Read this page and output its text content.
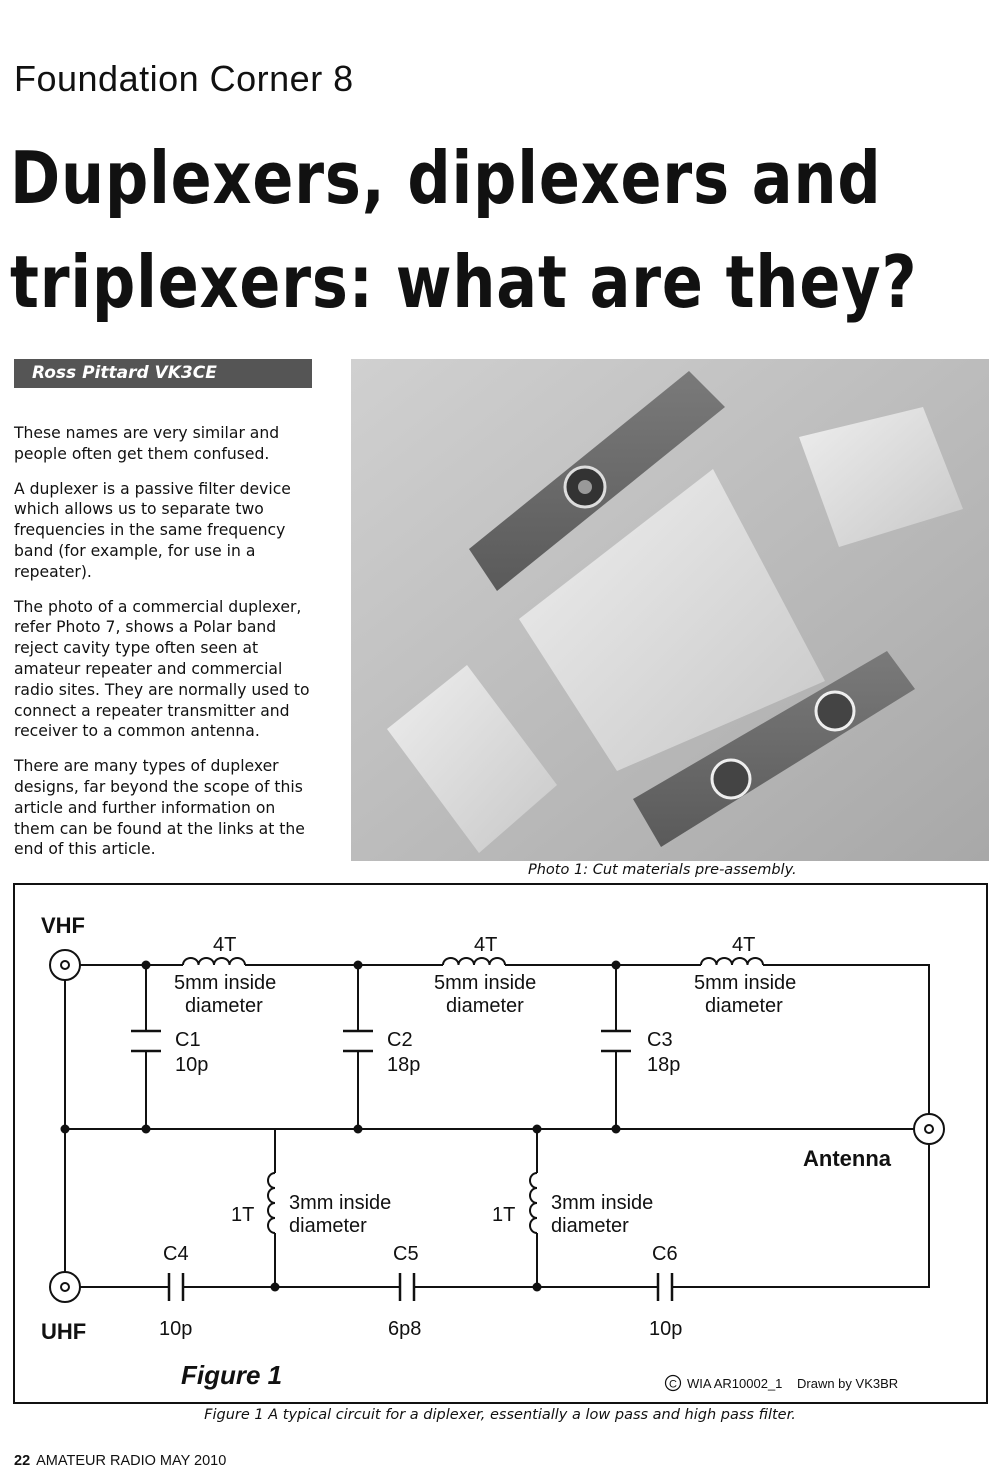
Foundation Corner 8
Duplexers, diplexers and
triplexers: what are they?
Ross Pittard VK3CE

These names are very similar and people often get them confused.

A duplexer is a passive filter device which allows us to separate two frequencies in the same frequency band (for example, for use in a repeater).

The photo of a commercial duplexer, refer Photo 7, shows a Polar band reject cavity type often seen at amateur repeater and commercial radio sites. They are normally used to connect a repeater transmitter and receiver to a common antenna.

There are many types of duplexer designs, far beyond the scope of this article and further information on them can be found at the links at the end of this article.

Photo 1: Cut materials pre-assembly.
VHF
UHF
Antenna
4T	4T	4T
5mm inside
diameter
5mm inside
diameter
5mm inside
diameter
C1
10p
C2
18p
C3
18p
1T	1T
3mm inside
diameter
3mm inside
diameter
C4
10p
C5
6p8
C6
10p
Figure 1	C WIA AR10002_1 Drawn by VK3BR
Figure 1 A typical circuit for a diplexer, essentially a low pass and high pass filter.
22 AMATEUR RADIO MAY 2010
